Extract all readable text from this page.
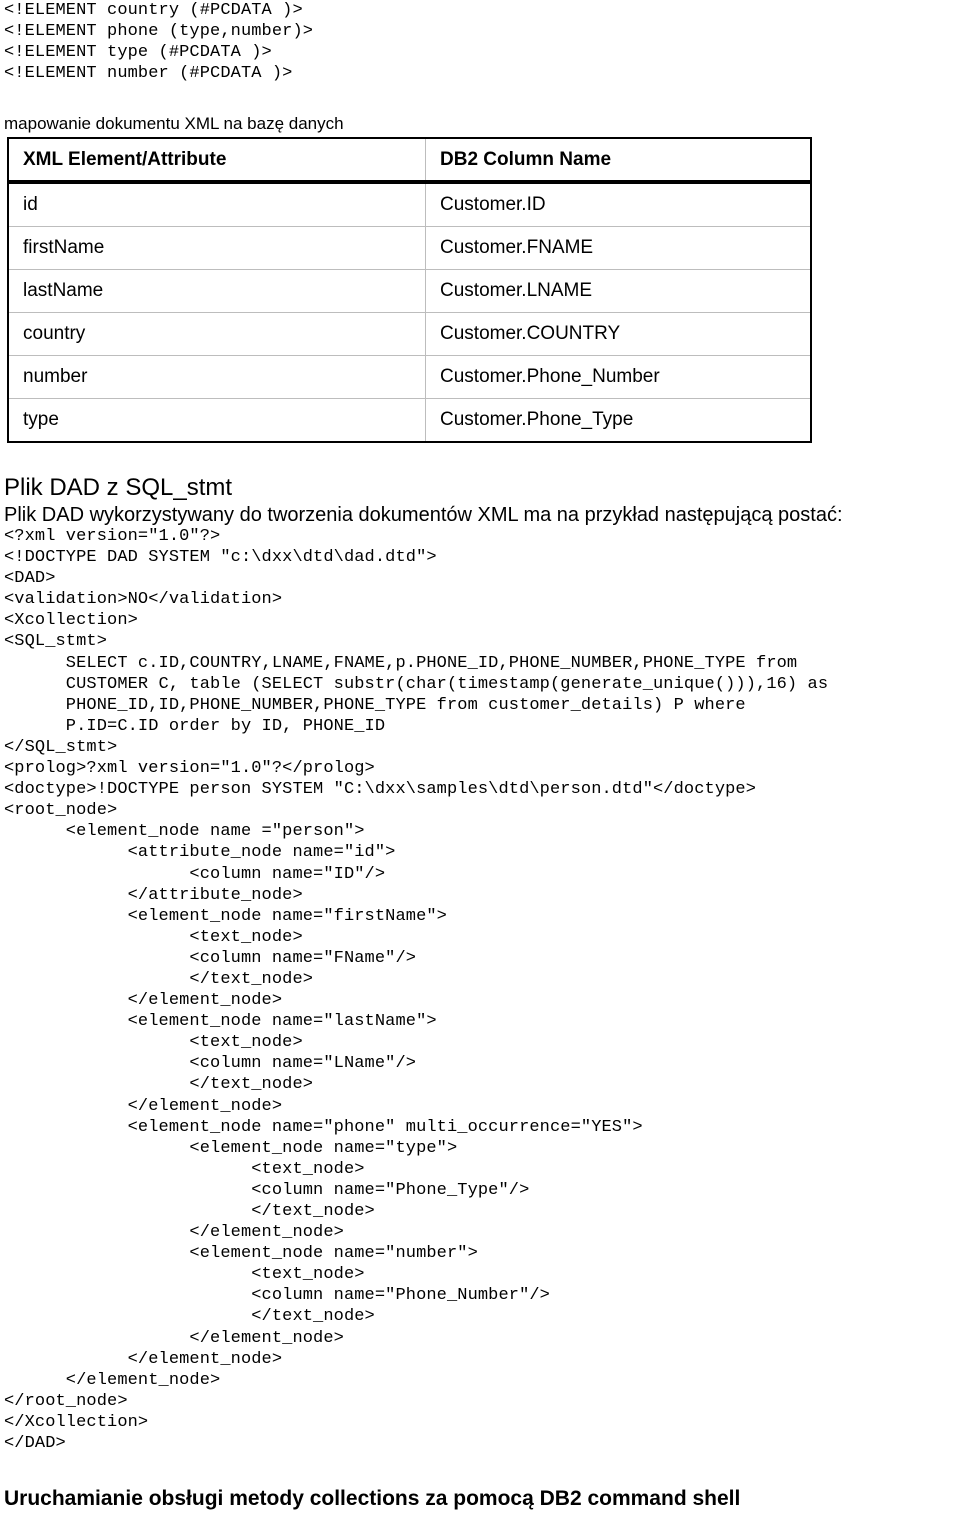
<!ELEMENT country (#PCDATA )>
<!ELEMENT phone (type,number)>
<!ELEMENT type (#PCDATA )>
<!ELEMENT number (#PCDATA )>

mapowanie dokumentu XML na bazę danych

XML Element/Attribute	DB2 Column Name
id	Customer.ID
firstName	Customer.FNAME
lastName	Customer.LNAME
country	Customer.COUNTRY
number	Customer.Phone_Number
type	Customer.Phone_Type
Plik DAD z SQL_stmt

Plik DAD wykorzystywany do tworzenia dokumentów XML ma na przykład następującą postać:

<?xml version="1.0"?>
<!DOCTYPE DAD SYSTEM "c:\dxx\dtd\dad.dtd">
<DAD>
<validation>NO</validation>
<Xcollection>
<SQL_stmt>
SELECT c.ID,COUNTRY,LNAME,FNAME,p.PHONE_ID,PHONE_NUMBER,PHONE_TYPE from
CUSTOMER C, table (SELECT substr(char(timestamp(generate_unique())),16) as
PHONE_ID,ID,PHONE_NUMBER,PHONE_TYPE from customer_details) P where
P.ID=C.ID order by ID, PHONE_ID
</SQL_stmt>
<prolog>?xml version="1.0"?</prolog>
<doctype>!DOCTYPE person SYSTEM "C:\dxx\samples\dtd\person.dtd"</doctype>
<root_node>
<element_node name ="person">
<attribute_node name="id">
<column name="ID"/>
</attribute_node>
<element_node name="firstName">
<text_node>
<column name="FName"/>
</text_node>
</element_node>
<element_node name="lastName">
<text_node>
<column name="LName"/>
</text_node>
</element_node>
<element_node name="phone" multi_occurrence="YES">
<element_node name="type">
<text_node>
<column name="Phone_Type"/>
</text_node>
</element_node>
<element_node name="number">
<text_node>
<column name="Phone_Number"/>
</text_node>
</element_node>
</element_node>
</element_node>
</root_node>
</Xcollection>
</DAD>
Uruchamianie obsługi metody collections za pomocą DB2 command shell
